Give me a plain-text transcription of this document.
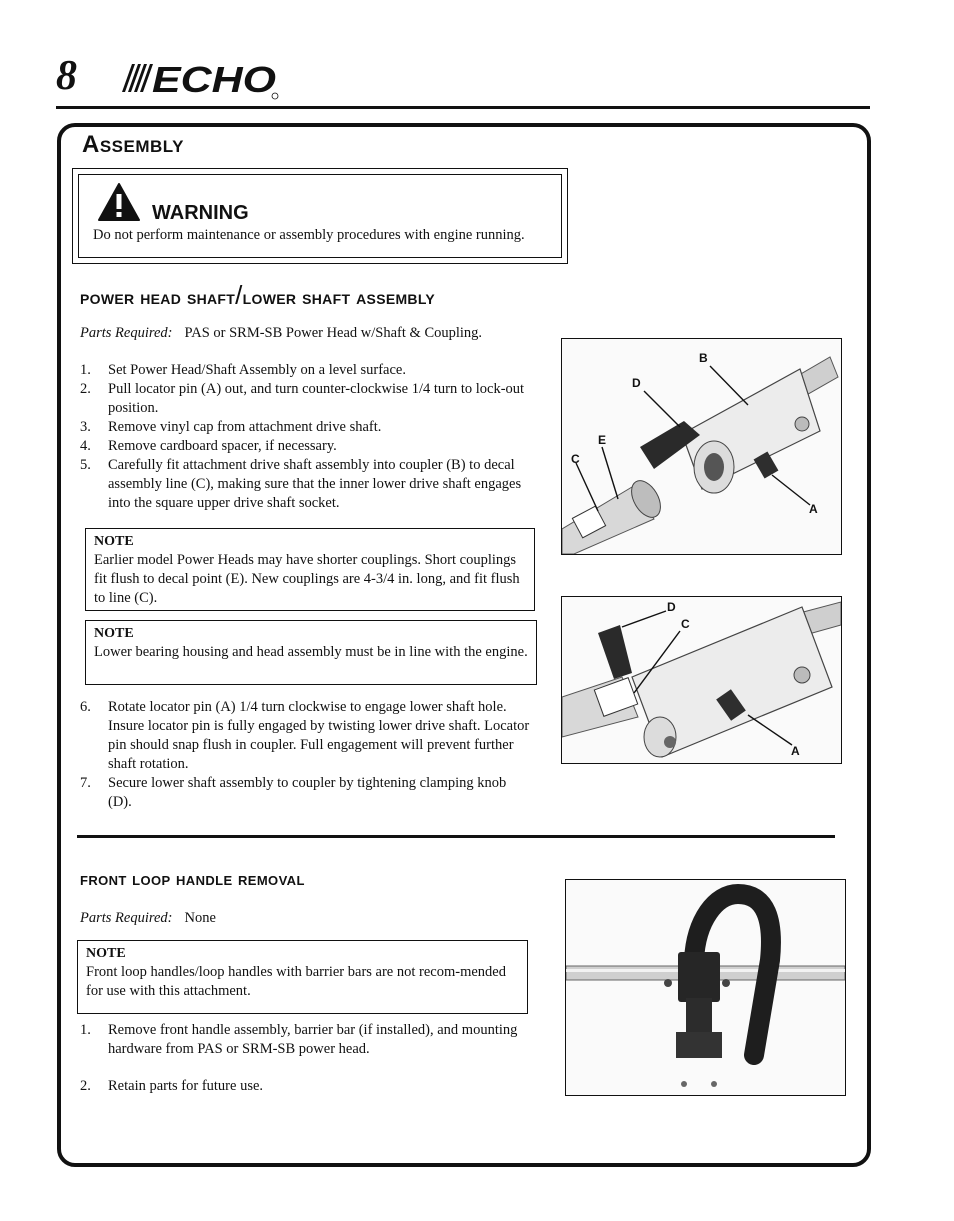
8 ECHO
Assembly
WARNING
Do not perform maintenance or assembly procedures with engine running.
power head shaft/lower shaft assembly
Parts Required: PAS or SRM-SB Power Head w/Shaft & Coupling.
1. Set Power Head/Shaft Assembly on a level surface.
2. Pull locator pin (A) out, and turn counter-clockwise 1/4 turn to lock-out position.
3. Remove vinyl cap from attachment drive shaft.
4. Remove cardboard spacer, if necessary.
5. Carefully fit attachment drive shaft assembly into coupler (B) to decal assembly line (C), making sure that the inner lower drive shaft engages into the square upper drive shaft socket.
NOTE
Earlier model Power Heads may have shorter couplings. Short couplings fit flush to decal point (E). New couplings are 4-3/4 in. long, and fit flush to line (C).
NOTE
Lower bearing housing and head assembly must be in line with the engine.
6. Rotate locator pin (A) 1/4 turn clockwise to engage lower shaft hole. Insure locator pin is fully engaged by twisting lower drive shaft. Locator pin should snap flush in coupler. Full engagement will prevent further shaft rotation.
7. Secure lower shaft assembly to coupler by tightening clamping knob (D).
B
D
E
C
A
D
C
A
front loop handle removal
Parts Required: None
NOTE
Front loop handles/loop handles with barrier bars are not recom-mended for use with this attachment.
1. Remove front handle assembly, barrier bar (if installed), and mounting hardware from PAS or SRM-SB power head.
2. Retain parts for future use.
